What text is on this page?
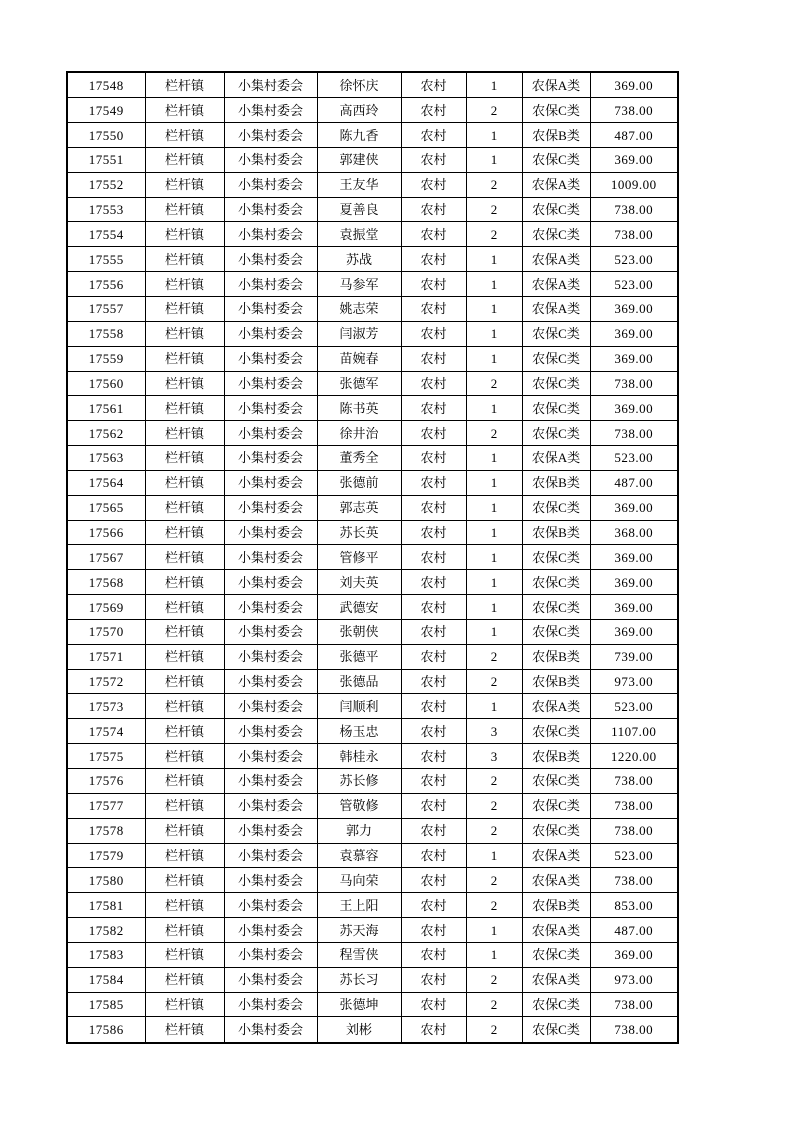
17548	栏杆镇	小集村委会	徐怀庆	农村	1	农保A类	369.00
17549	栏杆镇	小集村委会	高西玲	农村	2	农保C类	738.00
17550	栏杆镇	小集村委会	陈九香	农村	1	农保B类	487.00
17551	栏杆镇	小集村委会	郭建侠	农村	1	农保C类	369.00
17552	栏杆镇	小集村委会	王友华	农村	2	农保A类	1009.00
17553	栏杆镇	小集村委会	夏善良	农村	2	农保C类	738.00
17554	栏杆镇	小集村委会	袁振堂	农村	2	农保C类	738.00
17555	栏杆镇	小集村委会	苏战	农村	1	农保A类	523.00
17556	栏杆镇	小集村委会	马参军	农村	1	农保A类	523.00
17557	栏杆镇	小集村委会	姚志荣	农村	1	农保A类	369.00
17558	栏杆镇	小集村委会	闫淑芳	农村	1	农保C类	369.00
17559	栏杆镇	小集村委会	苗婉春	农村	1	农保C类	369.00
17560	栏杆镇	小集村委会	张德军	农村	2	农保C类	738.00
17561	栏杆镇	小集村委会	陈书英	农村	1	农保C类	369.00
17562	栏杆镇	小集村委会	徐井治	农村	2	农保C类	738.00
17563	栏杆镇	小集村委会	董秀全	农村	1	农保A类	523.00
17564	栏杆镇	小集村委会	张德前	农村	1	农保B类	487.00
17565	栏杆镇	小集村委会	郭志英	农村	1	农保C类	369.00
17566	栏杆镇	小集村委会	苏长英	农村	1	农保B类	368.00
17567	栏杆镇	小集村委会	管修平	农村	1	农保C类	369.00
17568	栏杆镇	小集村委会	刘夫英	农村	1	农保C类	369.00
17569	栏杆镇	小集村委会	武德安	农村	1	农保C类	369.00
17570	栏杆镇	小集村委会	张朝侠	农村	1	农保C类	369.00
17571	栏杆镇	小集村委会	张德平	农村	2	农保B类	739.00
17572	栏杆镇	小集村委会	张德品	农村	2	农保B类	973.00
17573	栏杆镇	小集村委会	闫顺利	农村	1	农保A类	523.00
17574	栏杆镇	小集村委会	杨玉忠	农村	3	农保C类	1107.00
17575	栏杆镇	小集村委会	韩桂永	农村	3	农保B类	1220.00
17576	栏杆镇	小集村委会	苏长修	农村	2	农保C类	738.00
17577	栏杆镇	小集村委会	管敬修	农村	2	农保C类	738.00
17578	栏杆镇	小集村委会	郭力	农村	2	农保C类	738.00
17579	栏杆镇	小集村委会	袁慕容	农村	1	农保A类	523.00
17580	栏杆镇	小集村委会	马向荣	农村	2	农保A类	738.00
17581	栏杆镇	小集村委会	王上阳	农村	2	农保B类	853.00
17582	栏杆镇	小集村委会	苏天海	农村	1	农保A类	487.00
17583	栏杆镇	小集村委会	程雪侠	农村	1	农保C类	369.00
17584	栏杆镇	小集村委会	苏长习	农村	2	农保A类	973.00
17585	栏杆镇	小集村委会	张德坤	农村	2	农保C类	738.00
17586	栏杆镇	小集村委会	刘彬	农村	2	农保C类	738.00
